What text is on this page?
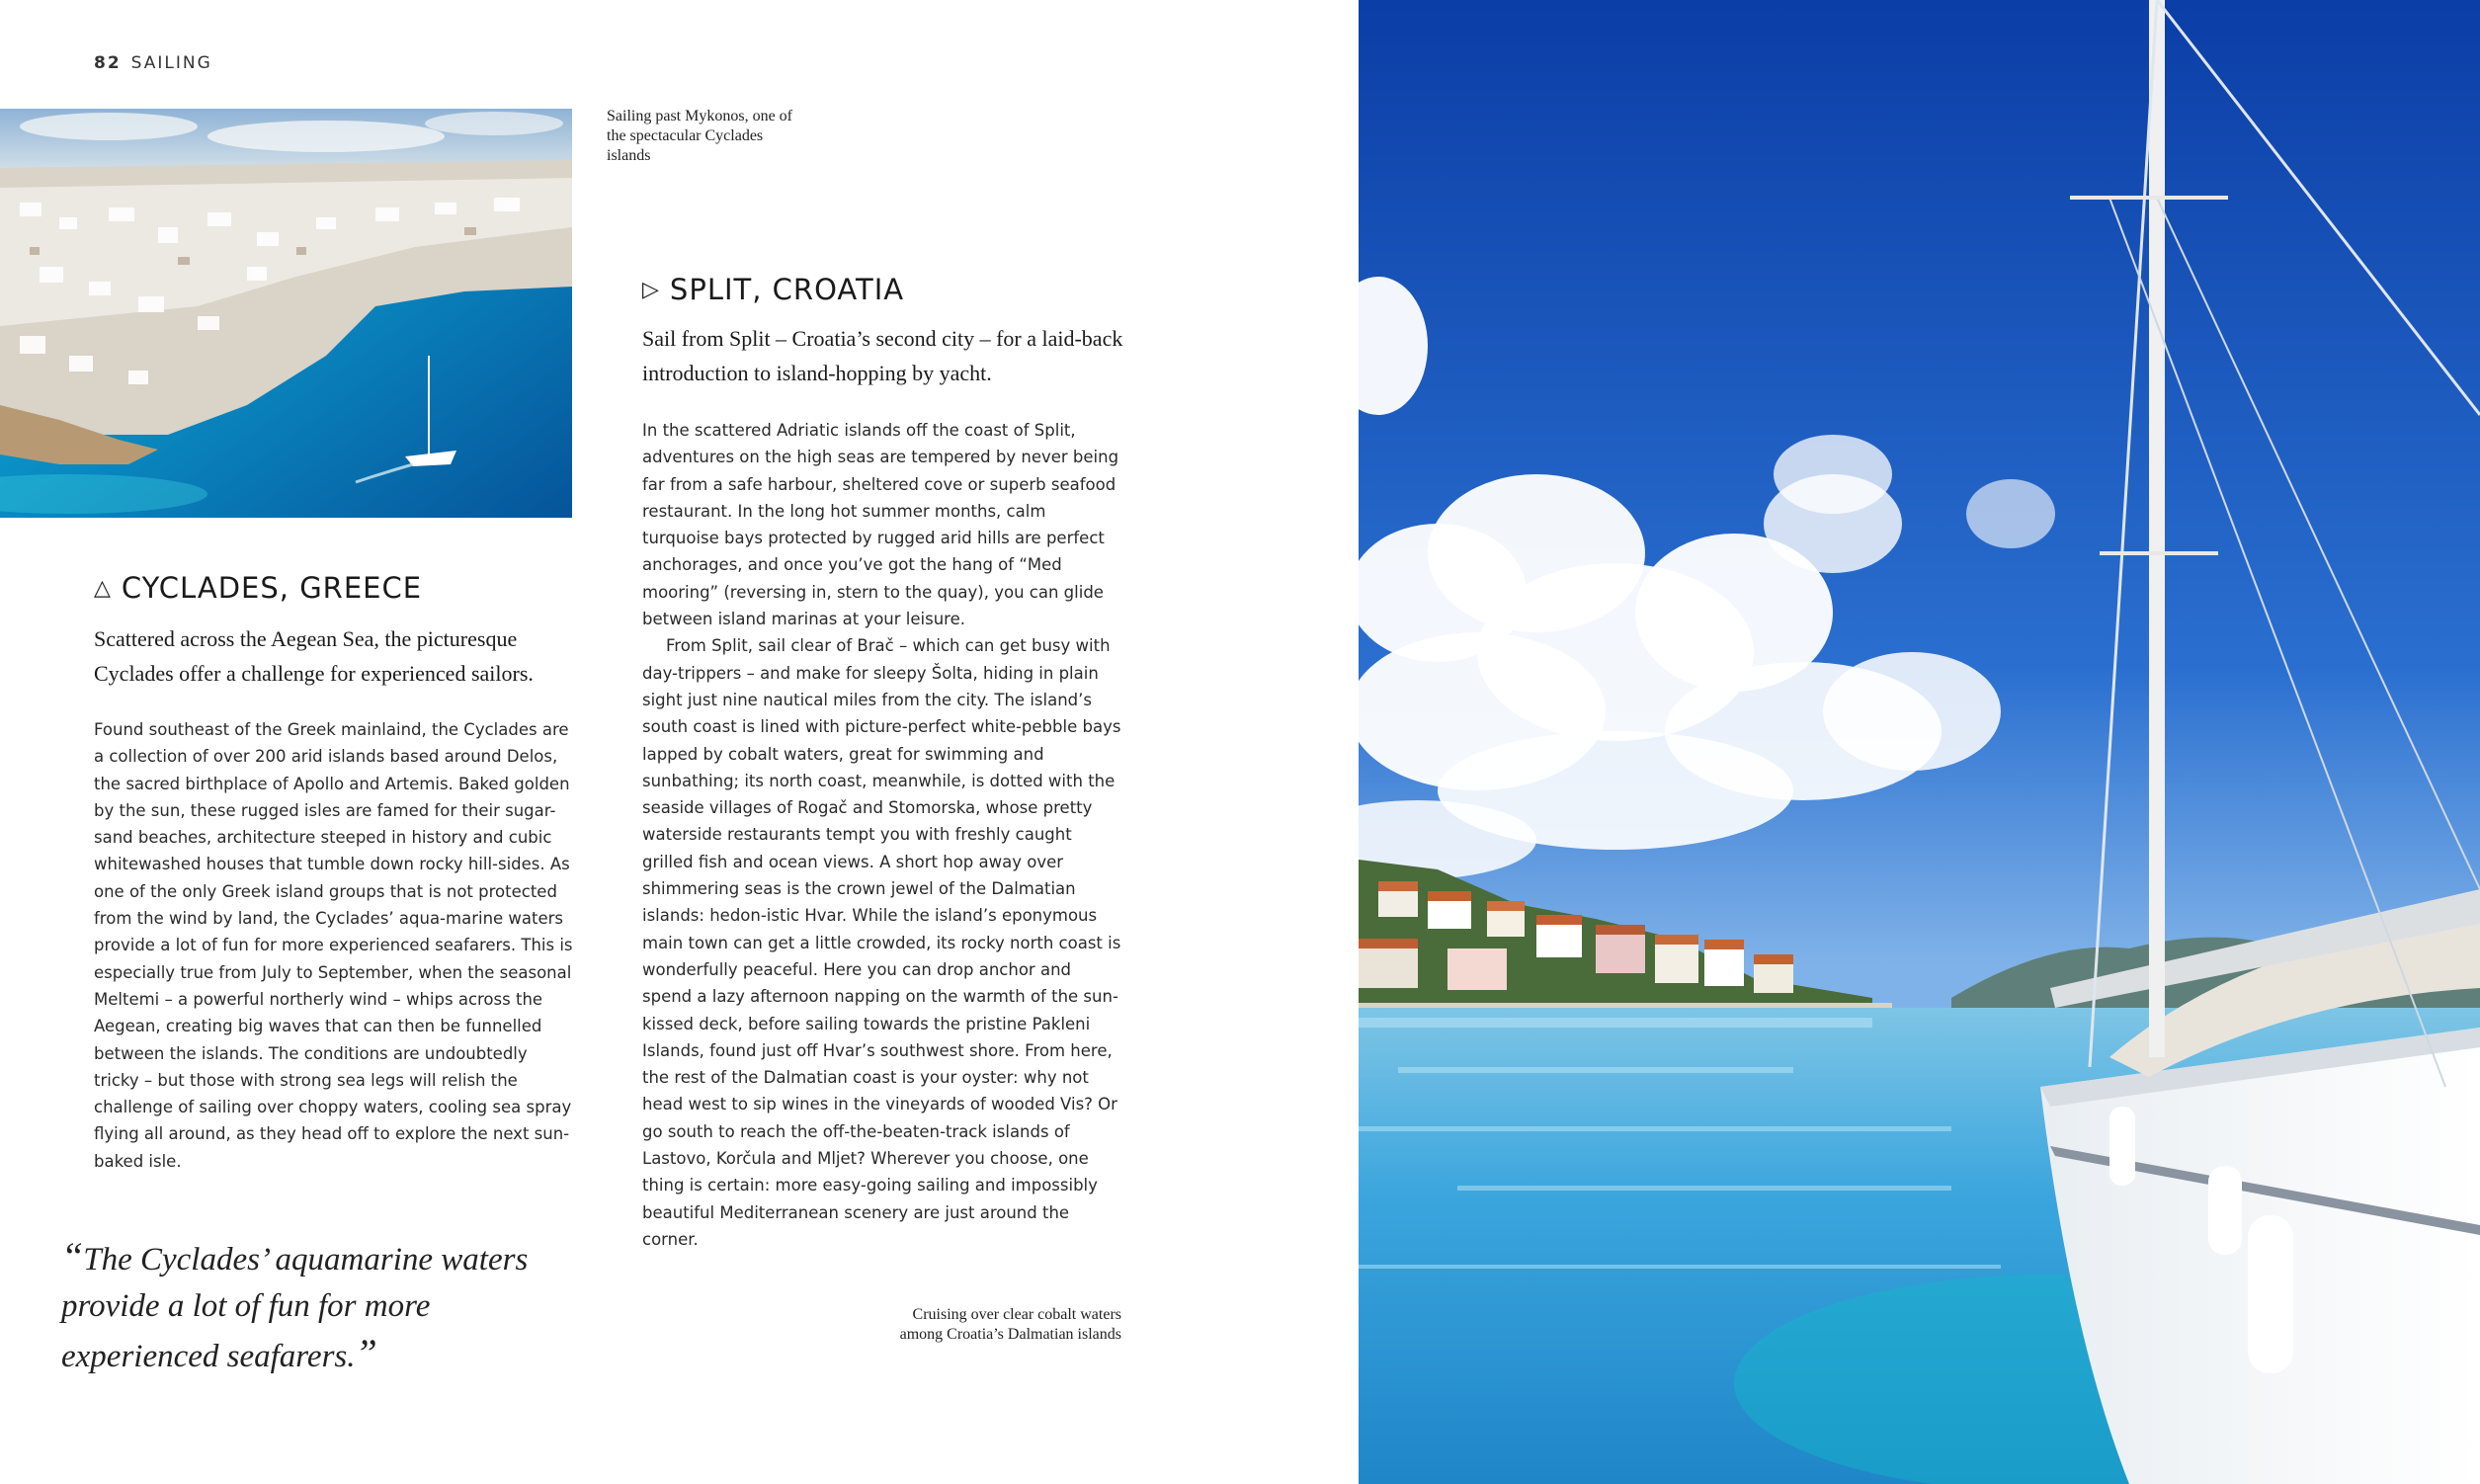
82 SAILING
Sailing past Mykonos, one of the spectacular Cyclades islands
△ CYCLADES, GREECE
Scattered across the Aegean Sea, the picturesque Cyclades offer a challenge for experienced sailors.

Found southeast of the Greek mainlaind, the Cyclades are a collection of over 200 arid islands based around Delos, the sacred birthplace of Apollo and Artemis. Baked golden by the sun, these rugged isles are famed for their sugar-sand beaches, architecture steeped in history and cubic whitewashed houses that tumble down rocky hill-sides. As one of the only Greek island groups that is not protected from the wind by land, the Cyclades’ aqua-marine waters provide a lot of fun for more experienced seafarers. This is especially true from July to September, when the seasonal Meltemi – a powerful northerly wind – whips across the Aegean, creating big waves that can then be funnelled between the islands. The conditions are undoubtedly tricky – but those with strong sea legs will relish the challenge of sailing over choppy waters, cooling sea spray flying all around, as they head off to explore the next sun-baked isle.

“The Cyclades’ aquamarine waters provide a lot of fun for more experienced seafarers.”
▷ SPLIT, CROATIA
Sail from Split – Croatia’s second city – for a laid-back introduction to island-hopping by yacht.

In the scattered Adriatic islands off the coast of Split, adventures on the high seas are tempered by never being far from a safe harbour, sheltered cove or superb seafood restaurant. In the long hot summer months, calm turquoise bays protected by rugged arid hills are perfect anchorages, and once you’ve got the hang of “Med mooring” (reversing in, stern to the quay), you can glide between island marinas at your leisure.

From Split, sail clear of Brač – which can get busy with day-trippers – and make for sleepy Šolta, hiding in plain sight just nine nautical miles from the city. The island’s south coast is lined with picture-perfect white-pebble bays lapped by cobalt waters, great for swimming and sunbathing; its north coast, meanwhile, is dotted with the seaside villages of Rogač and Stomorska, whose pretty waterside restaurants tempt you with freshly caught grilled fish and ocean views. A short hop away over shimmering seas is the crown jewel of the Dalmatian islands: hedon-istic Hvar. While the island’s eponymous main town can get a little crowded, its rocky north coast is wonderfully peaceful. Here you can drop anchor and spend a lazy afternoon napping on the warmth of the sun-kissed deck, before sailing towards the pristine Pakleni Islands, found just off Hvar’s southwest shore. From here, the rest of the Dalmatian coast is your oyster: why not head west to sip wines in the vineyards of wooded Vis? Or go south to reach the off-the-beaten-track islands of Lastovo, Korčula and Mljet? Wherever you choose, one thing is certain: more easy-going sailing and impossibly beautiful Mediterranean scenery are just around the corner.

Cruising over clear cobalt waters among Croatia’s Dalmatian islands
